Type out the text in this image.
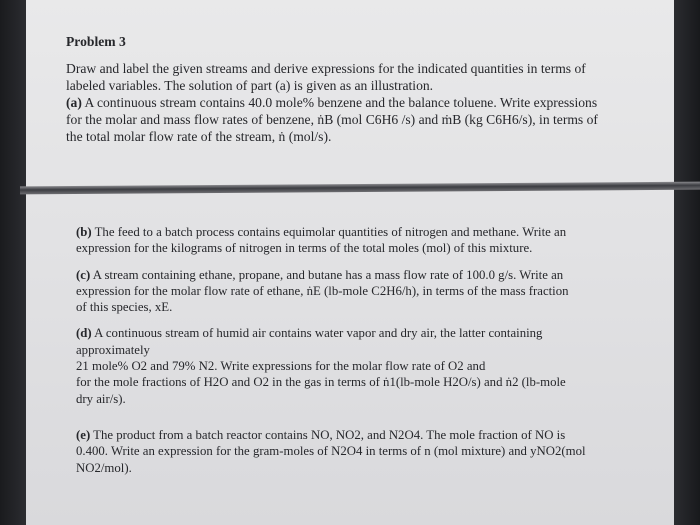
Problem 3
Draw and label the given streams and derive expressions for the indicated quantities in terms of
labeled variables. The solution of part (a) is given as an illustration.
(a) A continuous stream contains 40.0 mole% benzene and the balance toluene. Write expressions
for the molar and mass flow rates of benzene, ṅB (mol C6H6 /s) and ṁB (kg C6H6/s), in terms of
the total molar flow rate of the stream, ṅ (mol/s).
(b) The feed to a batch process contains equimolar quantities of nitrogen and methane. Write an
expression for the kilograms of nitrogen in terms of the total moles (mol) of this mixture.
(c) A stream containing ethane, propane, and butane has a mass flow rate of 100.0 g/s. Write an
expression for the molar flow rate of ethane, ṅE (lb-mole C2H6/h), in terms of the mass fraction
of this species, xE.
(d) A continuous stream of humid air contains water vapor and dry air, the latter containing
approximately
21 mole% O2 and 79% N2. Write expressions for the molar flow rate of O2 and
for the mole fractions of H2O and O2 in the gas in terms of ṅ1(lb-mole H2O/s) and ṅ2 (lb-mole
dry air/s).
(e) The product from a batch reactor contains NO, NO2, and N2O4. The mole fraction of NO is
0.400. Write an expression for the gram-moles of N2O4 in terms of n (mol mixture) and yNO2(mol
NO2/mol).
